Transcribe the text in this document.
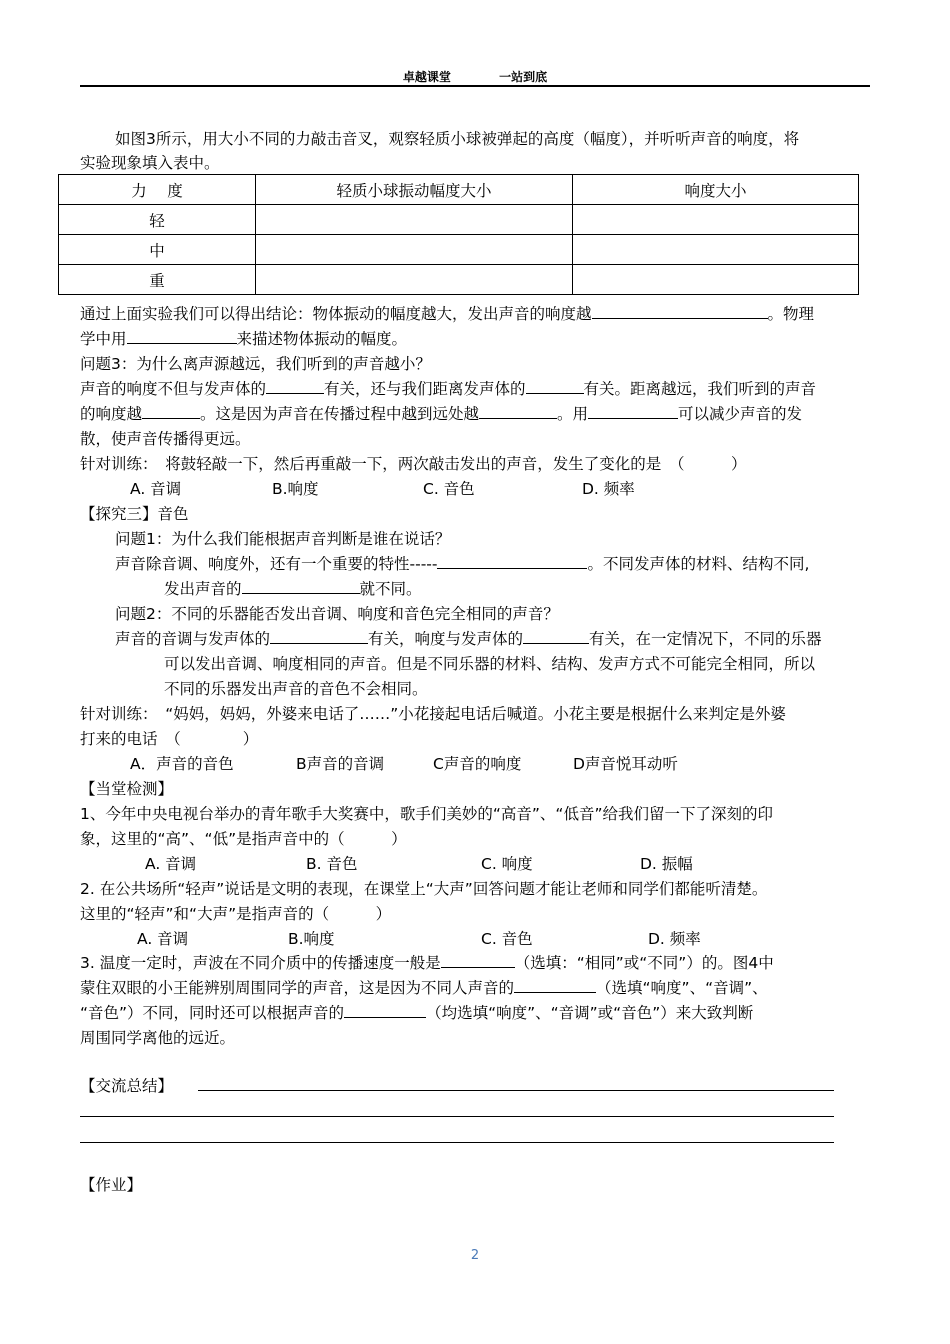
卓越课堂	一站到底
如图3所示，用大小不同的力敲击音叉，观察轻质小球被弹起的高度（幅度），并听听声音的响度，将
实验现象填入表中。
力　 度	轻质小球振动幅度大小	响度大小
轻		
中		
重		
通过上面实验我们可以得出结论：物体振动的幅度越大，发出声音的响度越	。物理
学中用	来描述物体振动的幅度。
问题3：为什么离声源越远，我们听到的声音越小？
声音的响度不但与发声体的	有关，还与我们距离发声体的	有关。距离越远，我们听到的声音
的响度越	。这是因为声音在传播过程中越到远处越	。用	可以减少声音的发
散，使声音传播得更远。
针对训练：　将鼓轻敲一下，然后再重敲一下，两次敲击发出的声音，发生了变化的是　（　　　）
A. 音调	B.响度	C. 音色	D. 频率
【探究三】音色
问题1：为什么我们能根据声音判断是谁在说话？
声音除音调、响度外，还有一个重要的特性-----	。不同发声体的材料、结构不同,
发出声音的	就不同。
问题2：不同的乐器能否发出音调、响度和音色完全相同的声音？
声音的音调与发声体的	有关，响度与发声体的	有关，在一定情况下，不同的乐器
可以发出音调、响度相同的声音。但是不同乐器的材料、结构、发声方式不可能完全相同，所以
不同的乐器发出声音的音色不会相同。
针对训练：　“妈妈，妈妈，外婆来电话了……”小花接起电话后喊道。小花主要是根据什么来判定是外婆
打来的电话　（　　　　）
A．声音的音色	B声音的音调	C声音的响度	D声音悦耳动听
【当堂检测】
1、今年中央电视台举办的青年歌手大奖赛中，歌手们美妙的“高音”、“低音”给我们留一下了深刻的印
象，这里的“高”、“低”是指声音中的（　　　）
A. 音调	B. 音色	C. 响度	D. 振幅
2. 在公共场所“轻声”说话是文明的表现，在课堂上“大声”回答问题才能让老师和同学们都能听清楚。
这里的“轻声”和“大声”是指声音的（　　　）
A. 音调	B.响度	C. 音色	D. 频率
3. 温度一定时，声波在不同介质中的传播速度一般是	（选填：“相同”或“不同”）的。图4中
蒙住双眼的小王能辨别周围同学的声音，这是因为不同人声音的	（选填“响度”、“音调”、
“音色”）不同，同时还可以根据声音的	（均选填“响度”、“音调”或“音色”）来大致判断
周围同学离他的远近。
【交流总结】
【作业】
2
